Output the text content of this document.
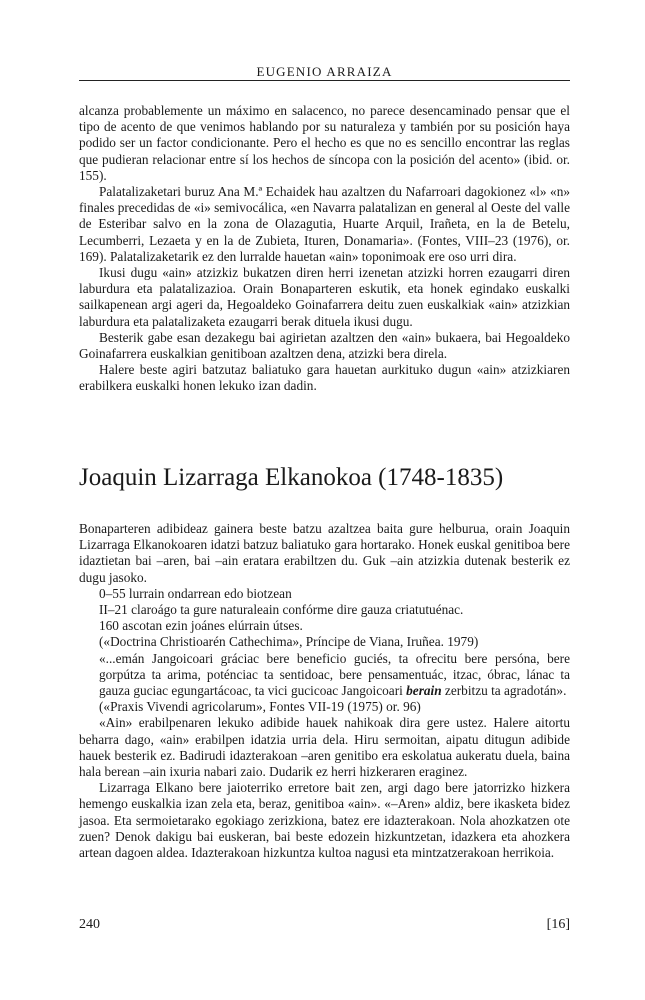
EUGENIO ARRAIZA

alcanza probablemente un máximo en salacenco, no parece desencaminado pensar que el tipo de acento de que venimos hablando por su naturaleza y también por su posición haya podido ser un factor condicionante. Pero el hecho es que no es sencillo encontrar las reglas que pudieran relacionar entre sí los hechos de síncopa con la posición del acento» (ibid. or. 155).

Palatalizaketari buruz Ana M.ª Echaidek hau azaltzen du Nafarroari dagokionez «l» «n» finales precedidas de «i» semivocálica, «en Navarra palatalizan en general al Oeste del valle de Esteribar salvo en la zona de Olazagutia, Huarte Arquil, Irañeta, en la de Betelu, Lecumberri, Lezaeta y en la de Zubieta, Ituren, Donamaria». (Fontes, VIII–23 (1976), or. 169). Palatalizaketarik ez den lurralde hauetan «ain» toponimoak ere oso urri dira.

Ikusi dugu «ain» atzizkiz bukatzen diren herri izenetan atzizki horren ezaugarri diren laburdura eta palatalizazioa. Orain Bonaparteren eskutik, eta honek egindako euskalki sailkapenean argi ageri da, Hegoaldeko Goinafarrera deitu zuen euskalkiak «ain» atzizkian laburdura eta palatalizaketa ezaugarri berak dituela ikusi dugu.

Besterik gabe esan dezakegu bai agirietan azaltzen den «ain» bukaera, bai Hegoaldeko Goinafarrera euskalkian genitiboan azaltzen dena, atzizki bera direla.

Halere beste agiri batzutaz baliatuko gara hauetan aurkituko dugun «ain» atzizkiaren erabilkera euskalki honen lekuko izan dadin.

Joaquin Lizarraga Elkanokoa (1748-1835)

Bonaparteren adibideaz gainera beste batzu azaltzea baita gure helburua, orain Joaquin Lizarraga Elkanokoaren idatzi batzuz baliatuko gara hortarako. Honek euskal genitiboa bere idaztietan bai –aren, bai –ain eratara erabiltzen du. Guk –ain atzizkia dutenak besterik ez dugu jasoko.

0–55 lurrain ondarrean edo biotzean

II–21 claroágo ta gure naturaleain confórme dire gauza criatutuénac.

160 ascotan ezin joánes elúrrain útses.

(«Doctrina Christioarén Cathechima», Príncipe de Viana, Iruñea. 1979)

«...emán Jangoicoari gráciac bere beneficio guciés, ta ofrecitu bere persóna, bere gorpútza ta arima, poténciac ta sentidoac, bere pensamentuác, itzac, óbrac, lánac ta gauza guciac egungartácoac, ta vici gucicoac Jangoicoari berain zerbitzu ta agradotán».

(«Praxis Vivendi agricolarum», Fontes VII-19 (1975) or. 96)

«Ain» erabilpenaren lekuko adibide hauek nahikoak dira gere ustez. Halere aitortu beharra dago, «ain» erabilpen idatzia urria dela. Hiru sermoitan, aipatu ditugun adibide hauek besterik ez. Badirudi idazterakoan –aren genitibo era eskolatua aukeratu duela, baina hala berean –ain ixuria nabari zaio. Dudarik ez herri hizkeraren eraginez.

Lizarraga Elkano bere jaioterriko erretore bait zen, argi dago bere jatorrizko hizkera hemengo euskalkia izan zela eta, beraz, genitiboa «ain». «–Aren» aldiz, bere ikasketa bidez jasoa. Eta sermoietarako egokiago zerizkiona, batez ere idazterakoan. Nola ahozkatzen ote zuen? Denok dakigu bai euskeran, bai beste edozein hizkuntzetan, idazkera eta ahozkera artean dagoen aldea. Idazterakoan hizkuntza kultoa nagusi eta mintzatzerakoan herrikoia.

240	[16]
